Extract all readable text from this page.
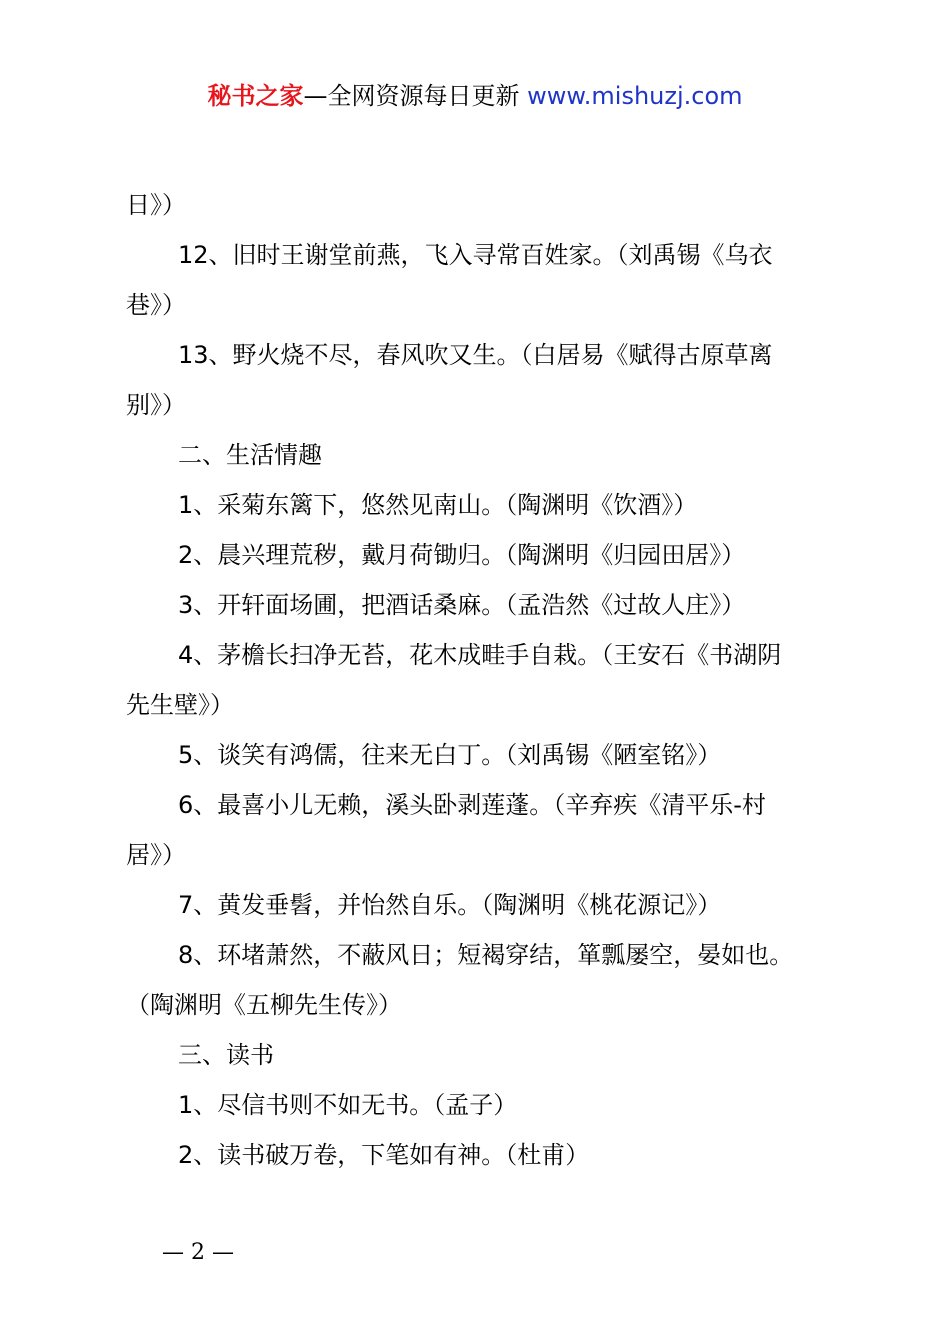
秘书之家—全网资源每日更新 www.mishuzj.com
日》）
12、旧时王谢堂前燕，飞入寻常百姓家。（刘禹锡《乌衣
巷》）
13、野火烧不尽，春风吹又生。（白居易《赋得古原草离
别》）
二、生活情趣
1、采菊东篱下，悠然见南山。（陶渊明《饮酒》）
2、晨兴理荒秽，戴月荷锄归。（陶渊明《归园田居》）
3、开轩面场圃，把酒话桑麻。（孟浩然《过故人庄》）
4、茅檐长扫净无苔，花木成畦手自栽。（王安石《书湖阴
先生壁》）
5、谈笑有鸿儒，往来无白丁。（刘禹锡《陋室铭》）
6、最喜小儿无赖，溪头卧剥莲蓬。（辛弃疾《清平乐-村
居》）
7、黄发垂髫，并怡然自乐。（陶渊明《桃花源记》）
8、环堵萧然，不蔽风日；短褐穿结，箪瓢屡空，晏如也。
（陶渊明《五柳先生传》）
三、读书
1、尽信书则不如无书。（孟子）
2、读书破万卷，下笔如有神。（杜甫）
— 2 —
